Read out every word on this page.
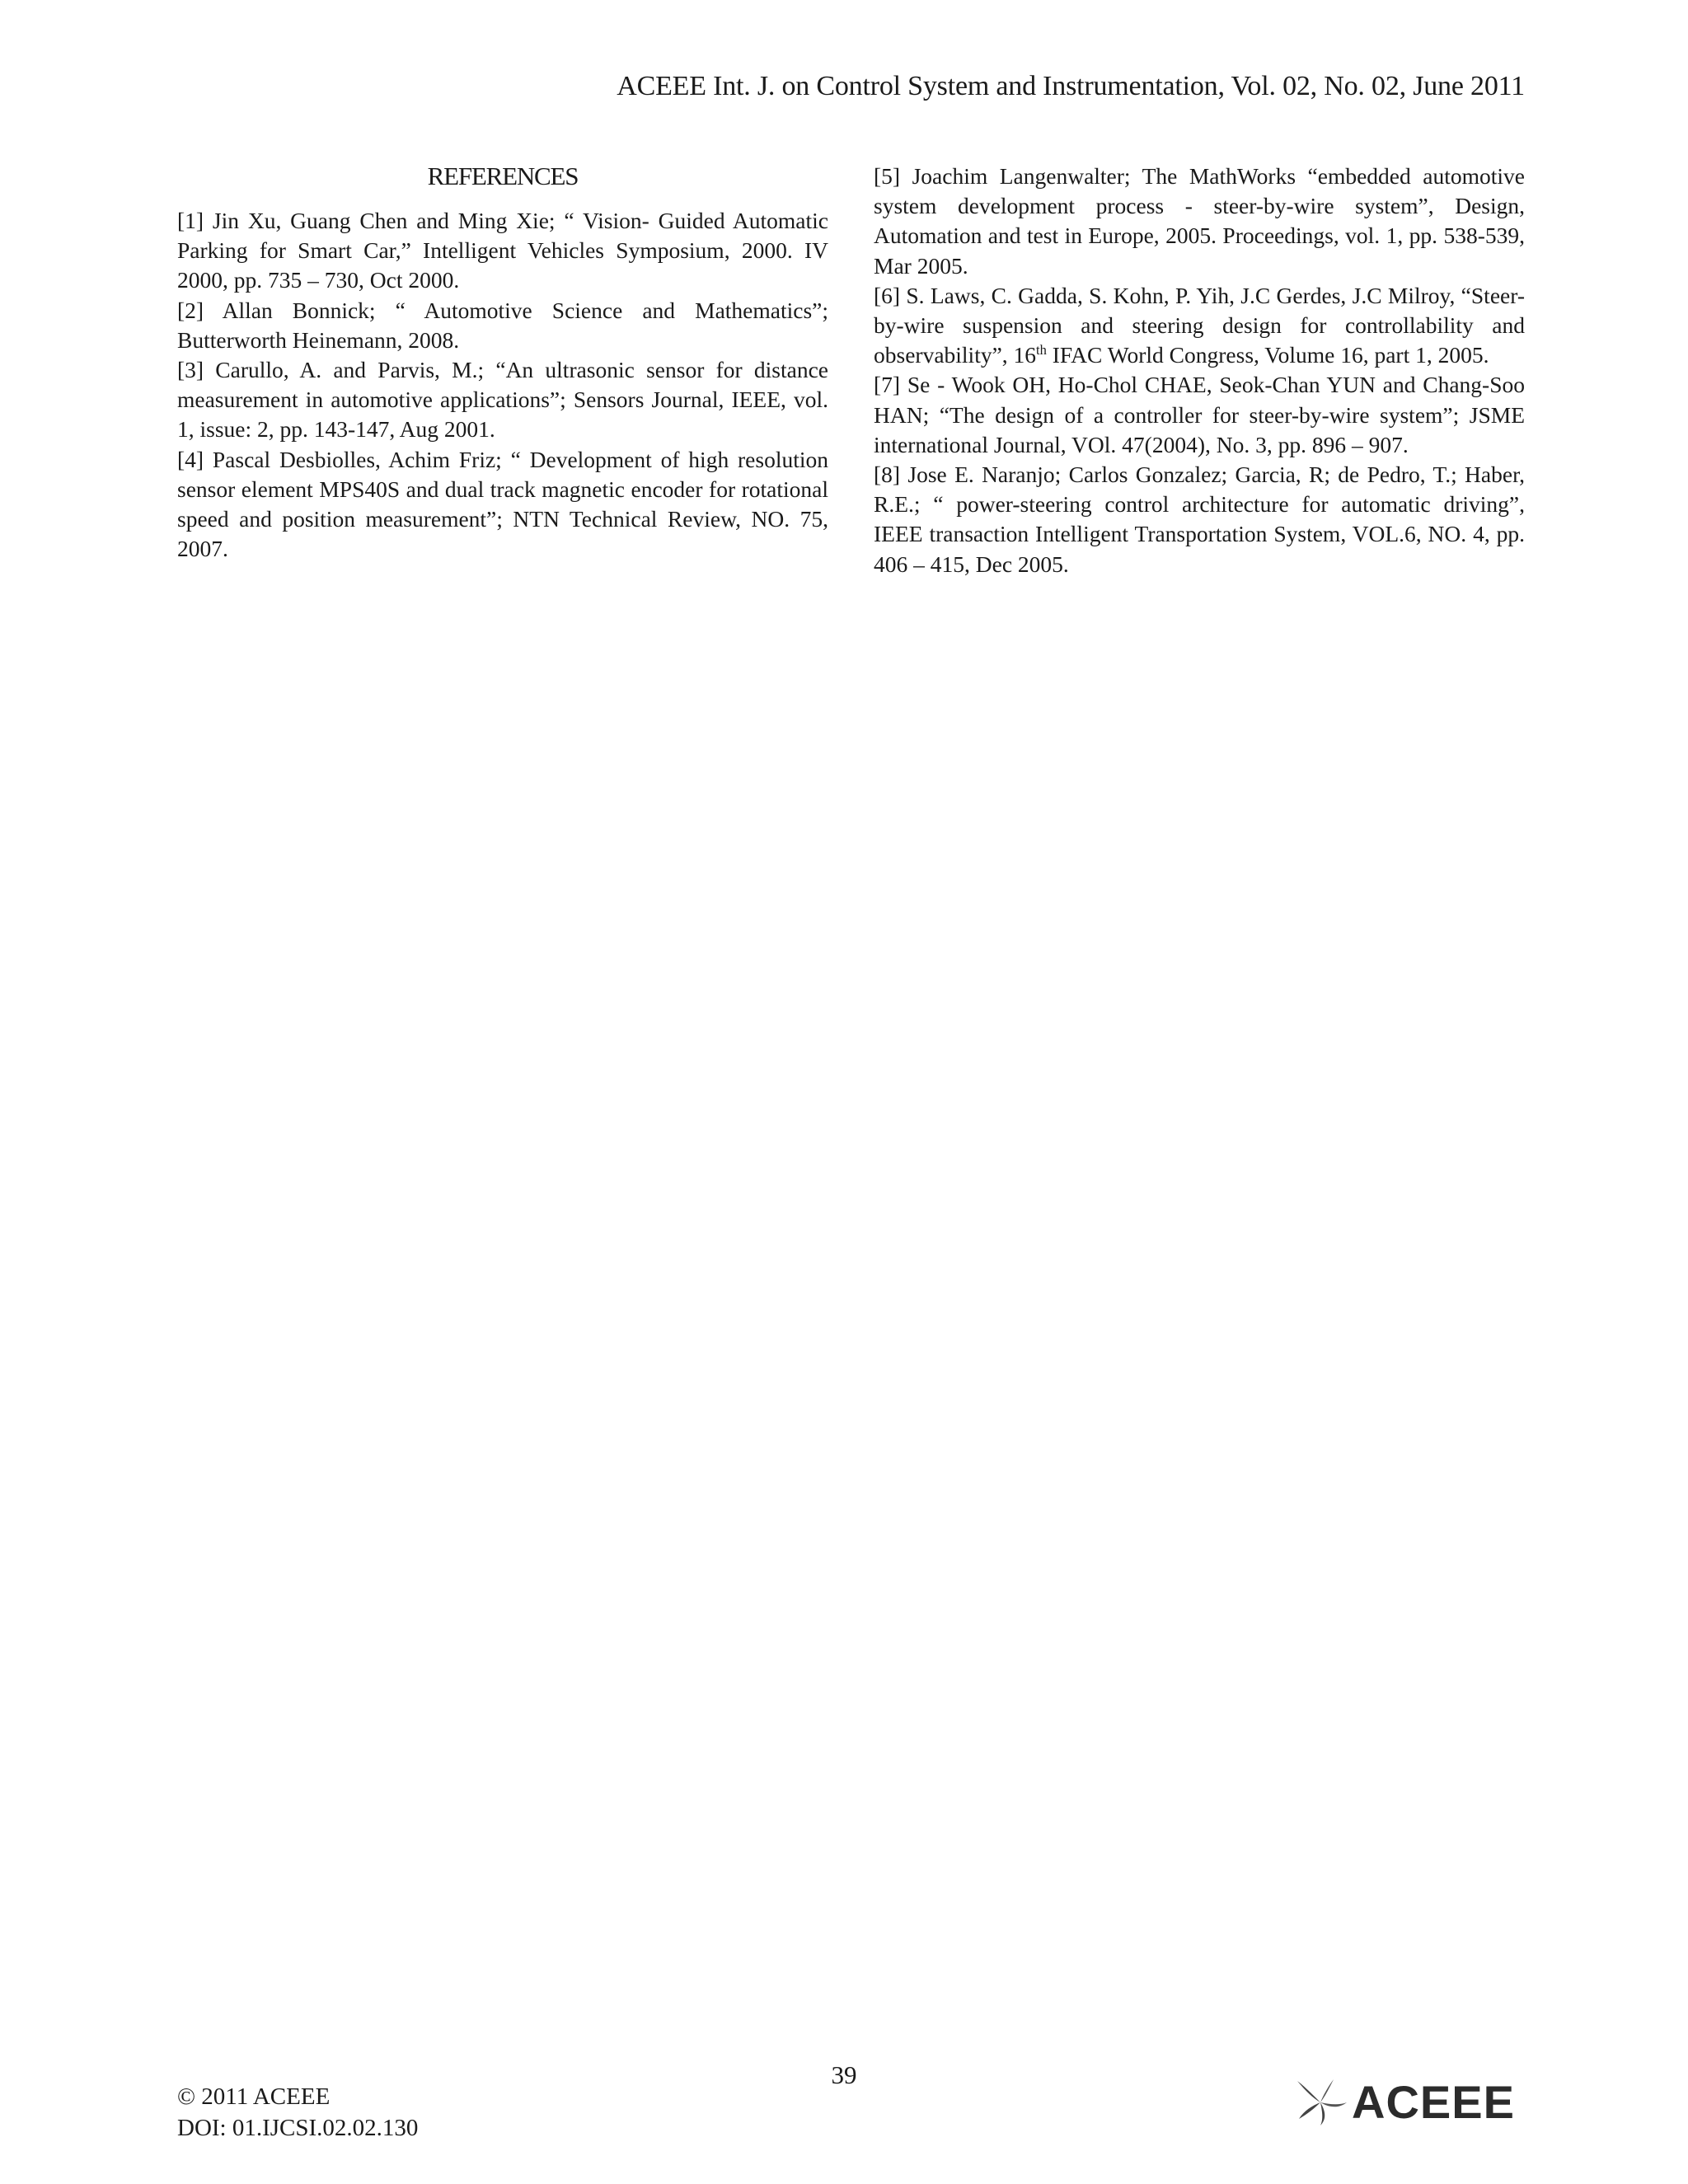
ACEEE Int. J. on Control System and Instrumentation, Vol. 02, No. 02, June 2011
REFERENCES

[1] Jin Xu, Guang Chen and Ming Xie; “ Vision- Guided Automatic Parking for Smart Car,” Intelligent Vehicles Symposium, 2000. IV 2000, pp. 735 – 730, Oct 2000.

[2] Allan Bonnick; “ Automotive Science and Mathematics”; Butterworth Heinemann, 2008.

[3] Carullo, A. and Parvis, M.; “An ultrasonic sensor for distance measurement in automotive applications”; Sensors Journal, IEEE, vol. 1, issue: 2, pp. 143-147, Aug 2001.

[4] Pascal Desbiolles, Achim Friz; “ Development of high resolution sensor element MPS40S and dual track magnetic encoder for rotational speed and position measurement”; NTN Technical Review, NO. 75, 2007.

[5] Joachim Langenwalter; The MathWorks “embedded automotive system development process - steer-by-wire system”, Design, Automation and test in Europe, 2005. Proceedings, vol. 1, pp. 538-539, Mar 2005.

[6] S. Laws, C. Gadda, S. Kohn, P. Yih, J.C Gerdes, J.C Milroy, “Steer-by-wire suspension and steering design for controllability and observability”, 16th IFAC World Congress, Volume 16, part 1, 2005.

[7] Se - Wook OH, Ho-Chol CHAE, Seok-Chan YUN and Chang-Soo HAN; “The design of a controller for steer-by-wire system”; JSME international Journal, VOl. 47(2004), No. 3, pp. 896 – 907.

[8] Jose E. Naranjo; Carlos Gonzalez; Garcia, R; de Pedro, T.; Haber, R.E.; “ power-steering control architecture for automatic driving”, IEEE transaction Intelligent Transportation System, VOL.6, NO. 4, pp. 406 – 415, Dec 2005.

39
© 2011 ACEEE
DOI: 01.IJCSI.02.02.130	ACEEE
